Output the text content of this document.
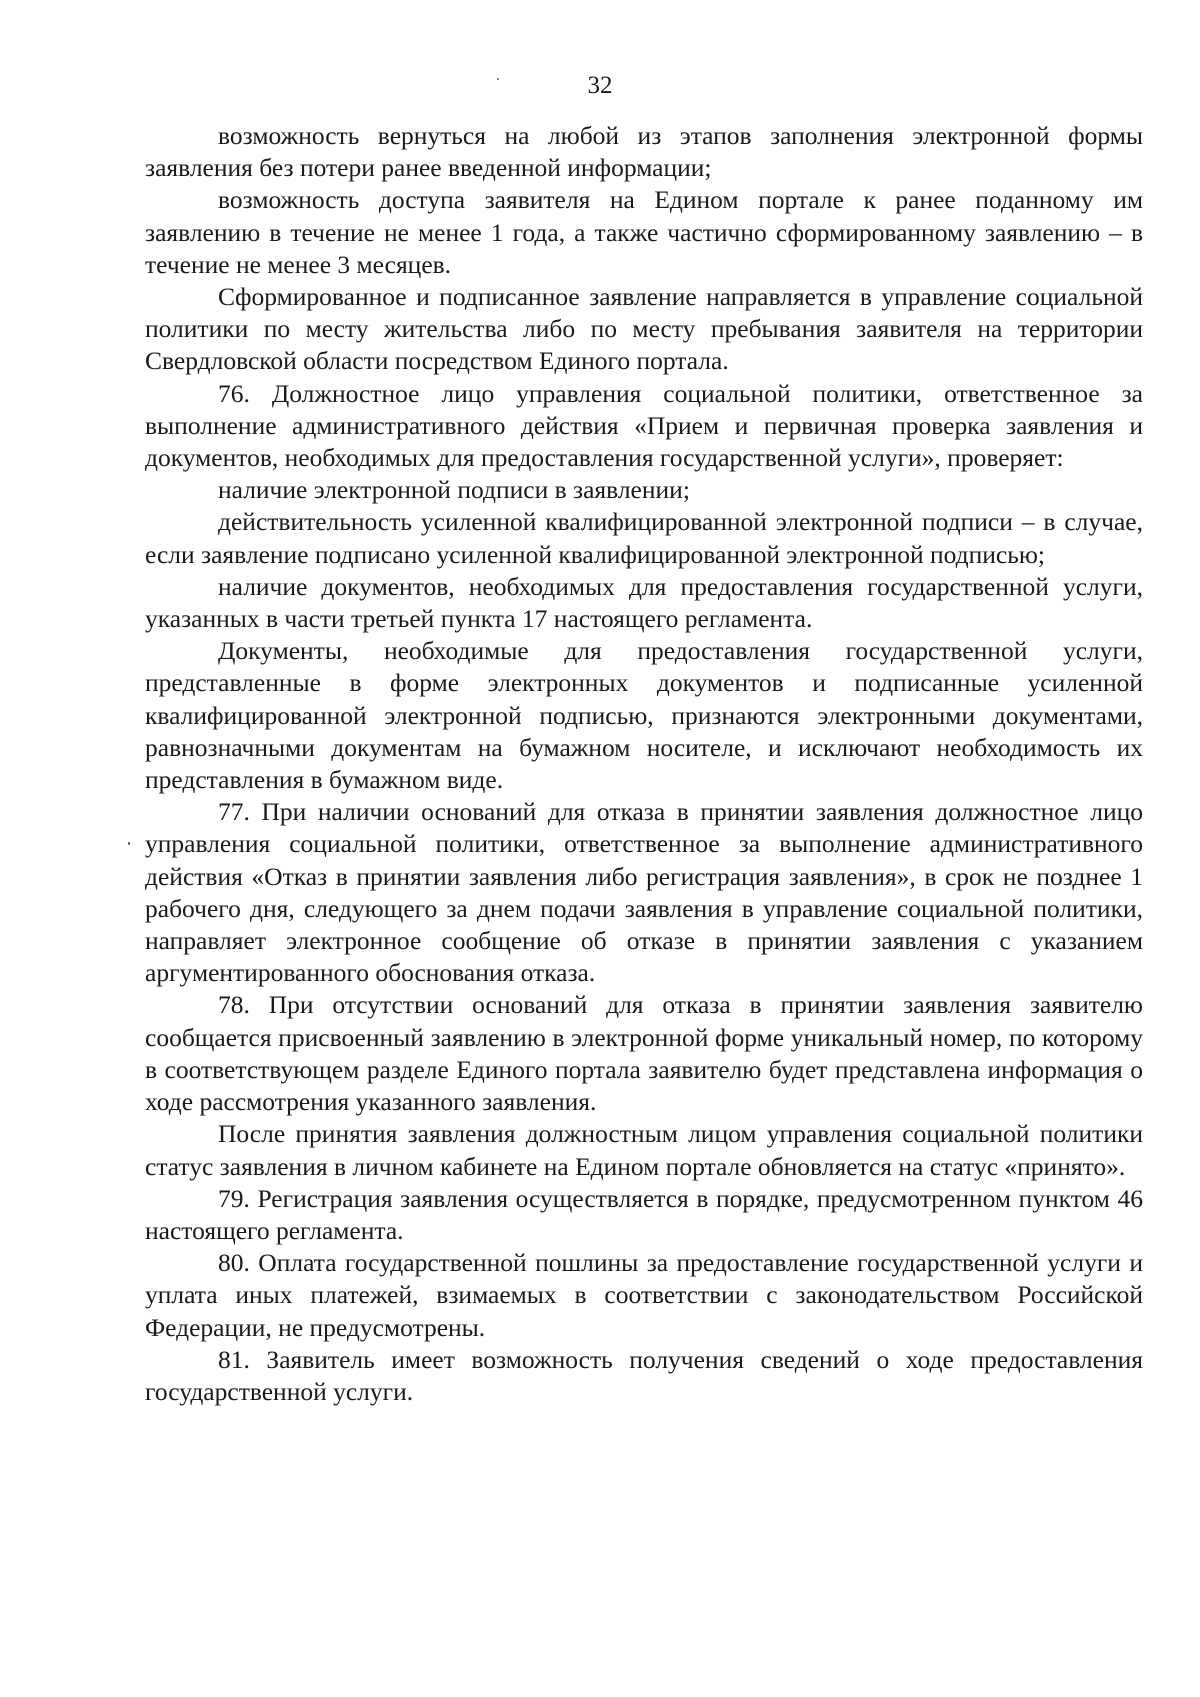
32

возможность вернуться на любой из этапов заполнения электронной формы заявления без потери ранее введенной информации;

возможность доступа заявителя на Едином портале к ранее поданному им заявлению в течение не менее 1 года, а также частично сформированному заявлению – в течение не менее 3 месяцев.

Сформированное и подписанное заявление направляется в управление социальной политики по месту жительства либо по месту пребывания заявителя на территории Свердловской области посредством Единого портала.

76. Должностное лицо управления социальной политики, ответственное за выполнение административного действия «Прием и первичная проверка заявления и документов, необходимых для предоставления государственной услуги», проверяет:

наличие электронной подписи в заявлении;

действительность усиленной квалифицированной электронной подписи – в случае, если заявление подписано усиленной квалифицированной электронной подписью;

наличие документов, необходимых для предоставления государственной услуги, указанных в части третьей пункта 17 настоящего регламента.

Документы, необходимые для предоставления государственной услуги, представленные в форме электронных документов и подписанные усиленной квалифицированной электронной подписью, признаются электронными документами, равнозначными документам на бумажном носителе, и исключают необходимость их представления в бумажном виде.

77. При наличии оснований для отказа в принятии заявления должностное лицо управления социальной политики, ответственное за выполнение административного действия «Отказ в принятии заявления либо регистрация заявления», в срок не позднее 1 рабочего дня, следующего за днем подачи заявления в управление социальной политики, направляет электронное сообщение об отказе в принятии заявления с указанием аргументированного обоснования отказа.

78. При отсутствии оснований для отказа в принятии заявления заявителю сообщается присвоенный заявлению в электронной форме уникальный номер, по которому в соответствующем разделе Единого портала заявителю будет представлена информация о ходе рассмотрения указанного заявления.

После принятия заявления должностным лицом управления социальной политики статус заявления в личном кабинете на Едином портале обновляется на статус «принято».

79. Регистрация заявления осуществляется в порядке, предусмотренном пунктом 46 настоящего регламента.

80. Оплата государственной пошлины за предоставление государственной услуги и уплата иных платежей, взимаемых в соответствии с законодательством Российской Федерации, не предусмотрены.

81. Заявитель имеет возможность получения сведений о ходе предоставления государственной услуги.
